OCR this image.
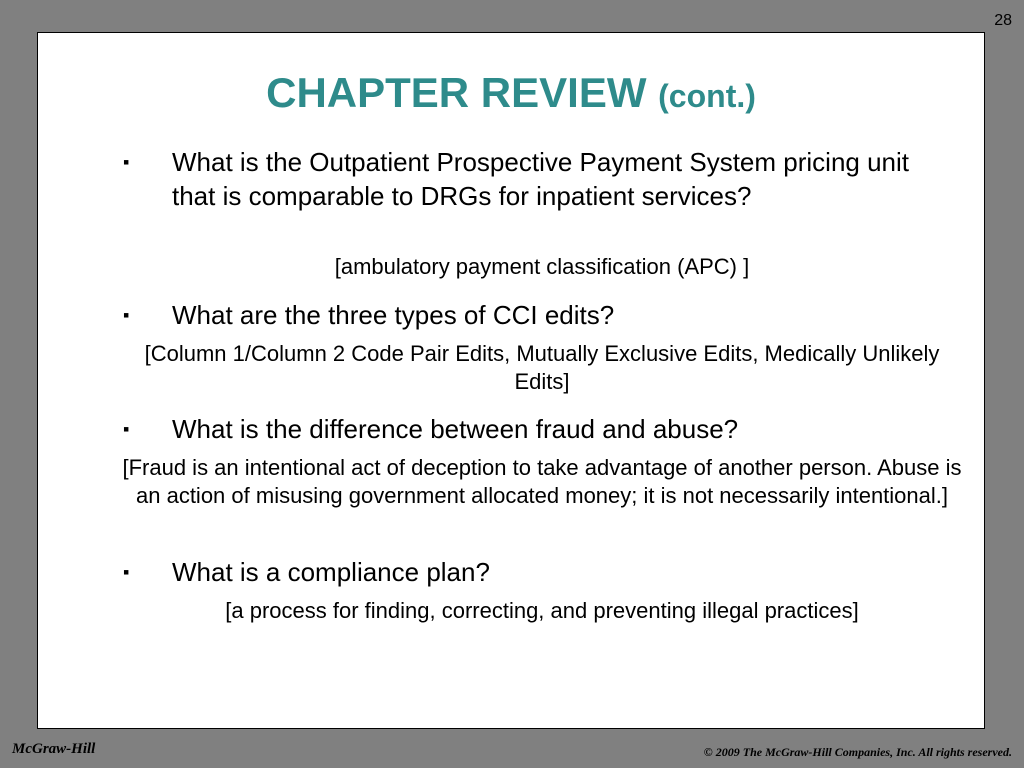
28
CHAPTER REVIEW (cont.)
▪ What is the Outpatient Prospective Payment System pricing unit that is comparable to DRGs for inpatient services?
[ambulatory payment classification (APC) ]
▪ What are the three types of CCI edits?
[Column 1/Column 2 Code Pair Edits, Mutually Exclusive Edits, Medically Unlikely Edits]
▪ What is the difference between fraud and abuse?
[Fraud is an intentional act of deception to take advantage of another person. Abuse is an action of misusing government allocated money; it is not necessarily intentional.]
▪ What is a compliance plan?
[a process for finding, correcting, and preventing illegal practices]
McGraw-Hill	© 2009 The McGraw-Hill Companies, Inc. All rights reserved.
